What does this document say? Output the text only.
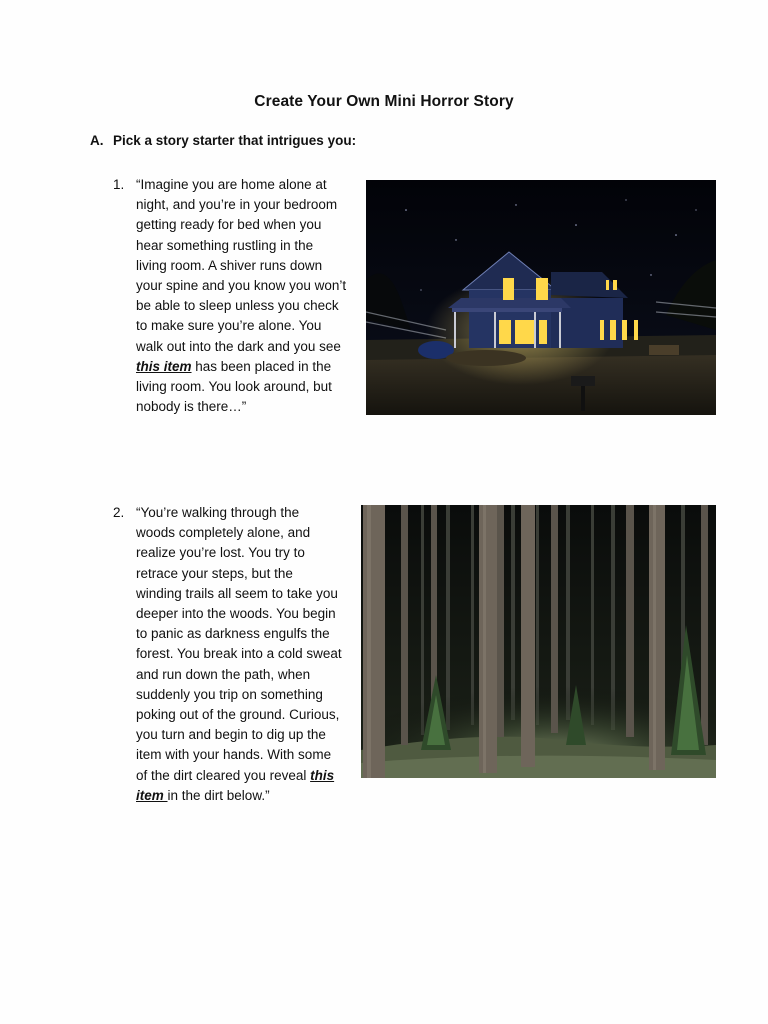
Create Your Own Mini Horror Story
A. Pick a story starter that intrigues you:
1. “Imagine you are home alone at
night, and you’re in your bedroom
getting ready for bed when you
hear something rustling in the
living room. A shiver runs down
your spine and you know you won’t
be able to sleep unless you check
to make sure you’re alone. You
walk out into the dark and you see
this item has been placed in the
living room. You look around, but
nobody is there…”
2. “You’re walking through the
woods completely alone, and
realize you’re lost. You try to
retrace your steps, but the
winding trails all seem to take you
deeper into the woods. You begin
to panic as darkness engulfs the
forest. You break into a cold sweat
and run down the path, when
suddenly you trip on something
poking out of the ground. Curious,
you turn and begin to dig up the
item with your hands. With some
of the dirt cleared you reveal this
item in the dirt below.”
